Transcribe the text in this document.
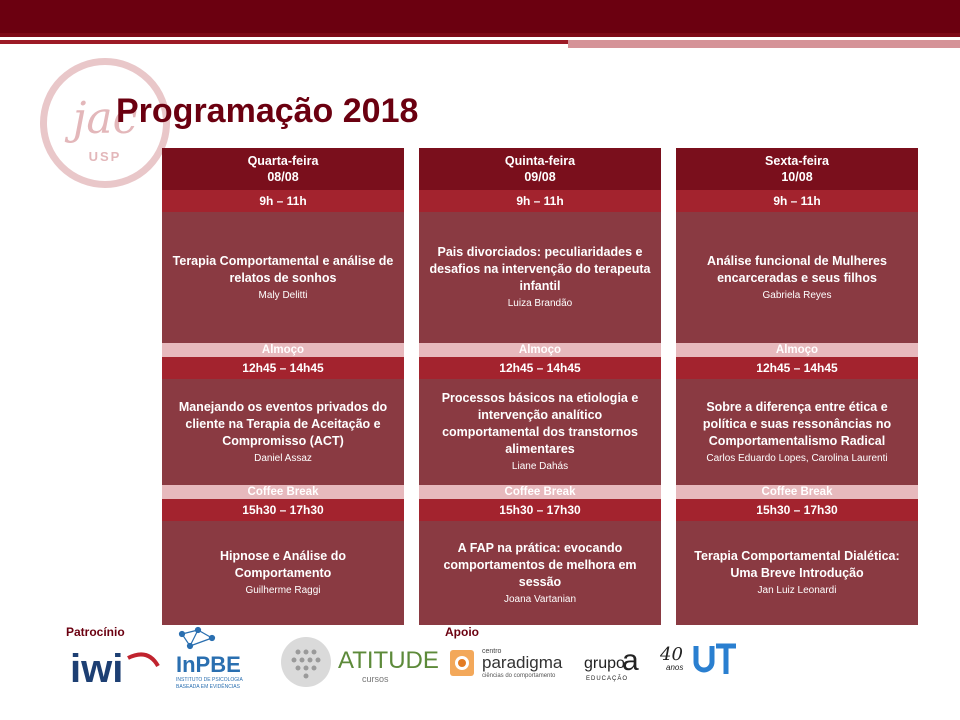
jac
USP
Programação 2018
Quarta-feira
08/08
9h – 11h
Terapia Comportamental e análise de relatos de sonhos
Maly Delitti
Almoço
12h45 – 14h45
Manejando os eventos privados do cliente na Terapia de Aceitação e Compromisso (ACT)
Daniel Assaz
Coffee Break
15h30 – 17h30
Hipnose e Análise do Comportamento
Guilherme Raggi
Quinta-feira
09/08
9h – 11h
Pais divorciados: peculiaridades e desafios na intervenção do terapeuta infantil
Luiza Brandão
Almoço
12h45 – 14h45
Processos básicos na etiologia e intervenção analítico comportamental dos transtornos alimentares
Liane Dahás
Coffee Break
15h30 – 17h30
A FAP na prática: evocando comportamentos de melhora em sessão
Joana Vartanian
Sexta-feira
10/08
9h – 11h
Análise funcional de Mulheres encarceradas e seus filhos
Gabriela Reyes
Almoço
12h45 – 14h45
Sobre a diferença entre ética e política e suas ressonâncias no Comportamentalismo Radical
Carlos Eduardo Lopes, Carolina Laurenti
Coffee Break
15h30 – 17h30
Terapia Comportamental Dialética: Uma Breve Introdução
Jan Luiz Leonardi
Patrocínio	Apoio
iwi InPBE
INSTITUTO DE PSICOLOGIA
BASEADA EM EVIDÊNCIAS
ATITUDE
cursos
centro
paradigma
ciências do comportamento
grupo
a
EDUCAÇÃO
40
anos
